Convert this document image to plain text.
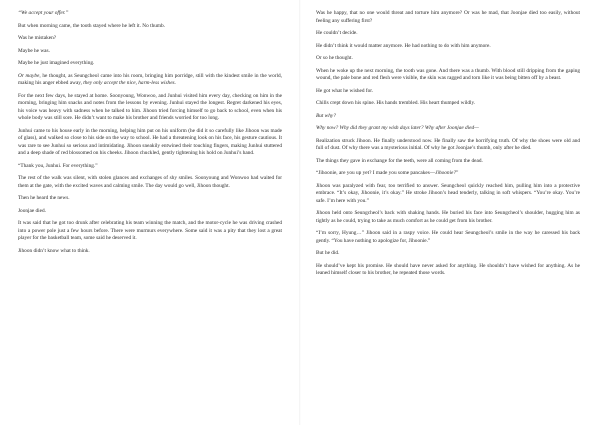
“We accept your offer.”

But when morning came, the tooth stayed where he left it. No thumb.

Was he mistaken?

Maybe he was.

Maybe he just imagined everything.

Or maybe, he thought, as Seungcheol came into his room, bringing him porridge, still with the kindest smile in the world, making his anger ebbed away, they only accept the nice, harm-less wishes.

For the next few days, he stayed at home. Soonyoung, Wonwoo, and Junhui visited him every day, checking on him in the morning, bringing him snacks and notes from the lessons by evening. Junhui stayed the longest. Regret darkened his eyes, his voice was heavy with sadness when he talked to him. Jihoon tried forcing himself to go back to school, even when his whole body was still sore. He didn’t want to make his brother and friends worried for too long.

Junhui came to his house early in the morning, helping him put on his uniform (he did it so carefully like Jihoon was made of glass), and walked so close to his side on the way to school. He had a threatening look on his face, his gesture cautious. It was rare to see Junhui so serious and intimidating. Jihoon sneakily entwined their touching fingers, making Junhui stuttered and a deep shade of red blossomed on his cheeks. Jihoon chuckled, gently tightening his hold on Junhui’s hand.

“Thank you, Junhui. For everything.”

The rest of the walk was silent, with stolen glances and exchanges of shy smiles. Soonyoung and Wonwoo had waited for them at the gate, with the excited waves and calming smile. The day would go well, Jihoon thought.

Then he heard the news.

Joonjae died.

It was said that he got too drunk after celebrating his team winning the match, and the motor-cycle he was driving crashed into a power pole just a few hours before. There were murmurs everywhere. Some said it was a pity that they lost a great player for the basketball team, some said he deserved it.

Jihoon didn’t know what to think.

Was he happy, that no one would threat and torture him anymore? Or was he mad, that Joonjae died too easily, without feeling any suffering first?

He couldn’t decide.

He didn’t think it would matter anymore. He had nothing to do with him anymore.

Or so he thought.

When he woke up the next morning, the tooth was gone. And there was a thumb. With blood still dripping from the gaping wound, the pale bone and red flesh were visible, the skin was ragged and torn like it was being bitten off by a beast.

He got what he wished for.

Chills crept down his spine. His hands trembled. His heart thumped wildly.

But why?

Why now? Why did they grant my wish days later? Why after Joonjae died—

Realization struck Jihoon. He finally understood now. He finally saw the horrifying truth. Of why the shoes were old and full of dust. Of why there was a mysterious initial. Of why he got Joonjae’s thumb, only after he died.

The things they gave in exchange for the teeth, were all coming from the dead.

“Jihoonie, are you up yet? I made you some pancakes—Jihoonie?”

Jihoon was paralyzed with fear, too terrified to answer. Seungcheol quickly reached him, pulling him into a protective embrace. “It’s okay, Jihoonie, it’s okay.” He stroke Jihoon’s head tenderly, talking in soft whispers. “You’re okay. You’re safe. I’m here with you.”

Jihoon held onto Seungcheol’s back with shaking hands. He buried his face into Seungcheol’s shoulder, hugging him as tightly as he could, trying to take as much comfort as he could get from his brother.

“I’m sorry, Hyung…” Jihoon said in a raspy voice. He could hear Seungcheol’s smile in the way he caressed his back gently. “You have nothing to apologize for, Jihoonie.”

But he did.

He should’ve kept his promise. He should have never asked for anything. He shouldn’t have wished for anything. As he leaned himself closer to his brother, he repeated those words.
